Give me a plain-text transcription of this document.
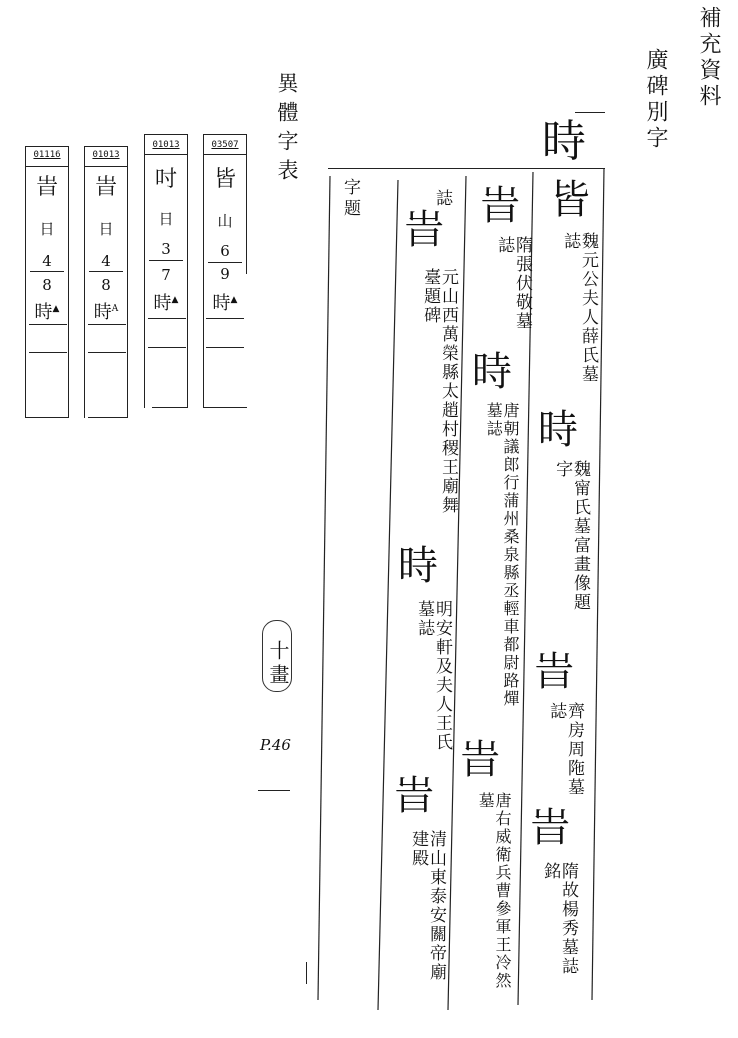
補充資料
廣碑別字
異體字表
03507
皆
山
6
9
時▲
01013
吋
日
3
7
時▲
01013
旹
日
4
8
時$^A$
01116
旹
日
4
8
時▲
十畫
P.46
時
字题	誌 皆
魏元公夫人薛氏墓誌
時
魏甯氏墓富畫像題字
旹
齊房周陁墓誌
旹
隋故楊秀墓誌銘
旹
隋張伏敬墓誌
時
唐朝議郎行蒲州桑泉縣丞輕車都尉路燀墓誌
旹
唐右威衛兵曹參軍王冷然墓
旹
元山西萬榮縣太趙村稷王廟舞臺題碑
時
明安軒及夫人王氏墓誌
旹
清山東泰安關帝廟建殿
